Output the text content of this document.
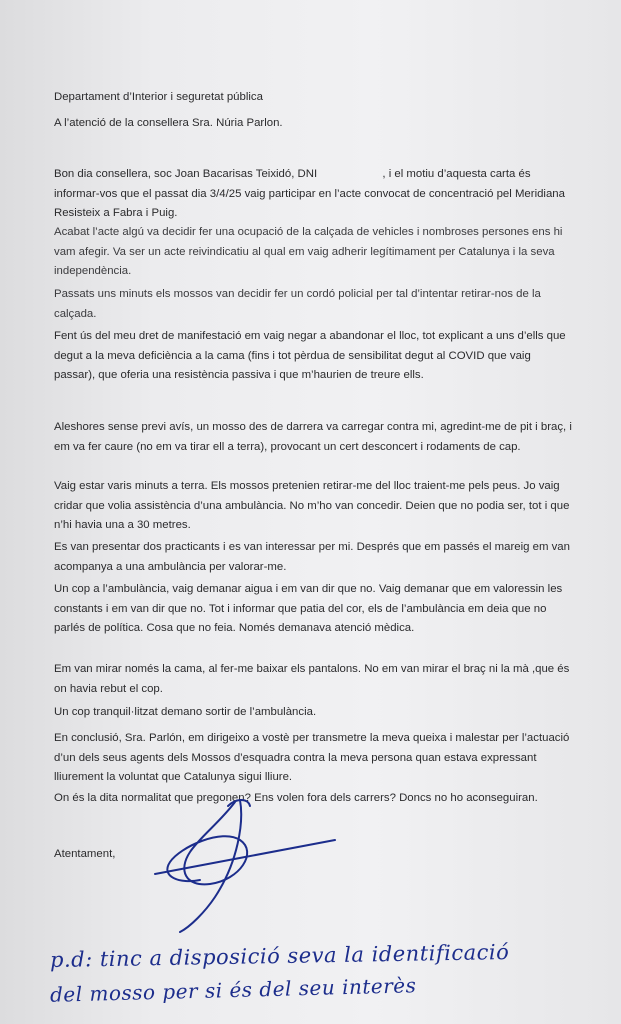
Departament d’Interior i seguretat pública

A l’atenció de la consellera Sra. Núria Parlon.

Bon dia consellera, soc Joan Bacarisas Teixidó, DNI	, i el motiu d’aquesta carta és informar-vos que el passat dia 3/4/25 vaig participar en l’acte convocat de concentració pel Meridiana Resisteix a Fabra i Puig.

Acabat l’acte algú va decidir fer una ocupació de la calçada de vehicles i nombroses persones ens hi vam afegir. Va ser un acte reivindicatiu al qual em vaig adherir legítimament per Catalunya i la seva independència.

Passats uns minuts els mossos van decidir fer un cordó policial per tal d’intentar retirar-nos de la calçada.

Fent ús del meu dret de manifestació em vaig negar a abandonar el lloc, tot explicant a uns d’ells que degut a la meva deficiència a la cama (fins i tot pèrdua de sensibilitat degut al COVID que vaig passar), que oferia una resistència passiva i que m’haurien de treure ells.

Aleshores sense previ avís, un mosso des de darrera va carregar contra mi, agredint-me de pit i braç, i em va fer caure (no em va tirar ell a terra), provocant un cert desconcert i rodaments de cap.

Vaig estar varis minuts a terra. Els mossos pretenien retirar-me del lloc traient-me pels peus. Jo vaig cridar que volia assistència d’una ambulància. No m’ho van concedir. Deien que no podia ser, tot i que n’hi havia una a 30 metres.

Es van presentar dos practicants i es van interessar per mi. Després que em passés el mareig em van acompanya a una ambulància per valorar-me.

Un cop a l’ambulància, vaig demanar aigua i em van dir que no. Vaig demanar que em valoressin les constants i em van dir que no. Tot i informar que patia del cor, els de l’ambulància em deia que no parlés de política. Cosa que no feia. Només demanava atenció mèdica.

Em van mirar només la cama, al fer-me baixar els pantalons. No em van mirar el braç ni la mà ,que és on havia rebut el cop.

Un cop tranquil·litzat demano sortir de l’ambulància.

En conclusió, Sra. Parlón, em dirigeixo a vostè per transmetre la meva queixa i malestar per l’actuació d’un dels seus agents dels Mossos d’esquadra contra la meva persona quan estava expressant lliurement la voluntat que Catalunya sigui lliure.

On és la dita normalitat que pregonen? Ens volen fora dels carrers? Doncs no ho aconseguiran.

Atentament,

p.d: tinc a disposició seva la identificació
del mosso per si és del seu interès
